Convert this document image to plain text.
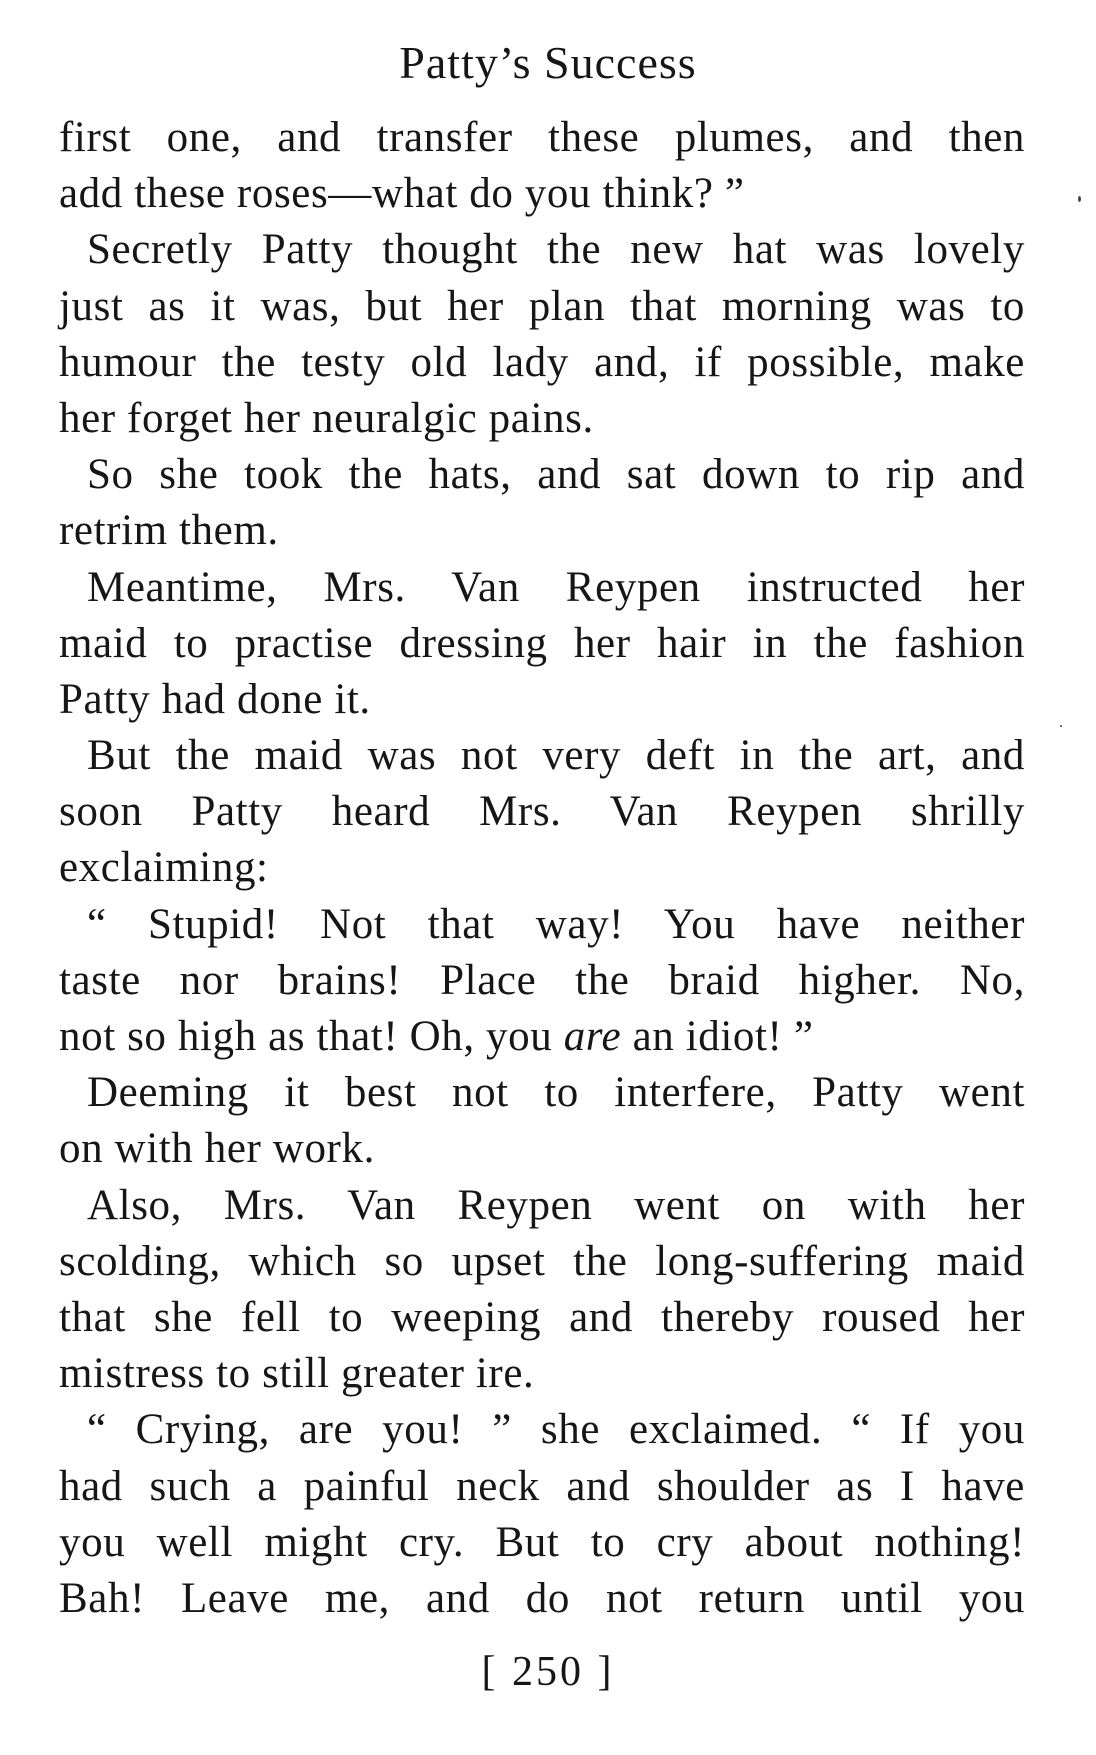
Patty’s Success
first one, and transfer these plumes, and then
add these roses—what do you think? ”
Secretly Patty thought the new hat was lovely
just as it was, but her plan that morning was to
humour the testy old lady and, if possible, make
her forget her neuralgic pains.
So she took the hats, and sat down to rip and
retrim them.
Meantime, Mrs. Van Reypen instructed her
maid to practise dressing her hair in the fashion
Patty had done it.
But the maid was not very deft in the art, and
soon Patty heard Mrs. Van Reypen shrilly
exclaiming:
“ Stupid! Not that way! You have neither
taste nor brains! Place the braid higher. No,
not so high as that! Oh, you are an idiot! ”
Deeming it best not to interfere, Patty went
on with her work.
Also, Mrs. Van Reypen went on with her
scolding, which so upset the long-suffering maid
that she fell to weeping and thereby roused her
mistress to still greater ire.
“ Crying, are you! ” she exclaimed. “ If you
had such a painful neck and shoulder as I have
you well might cry. But to cry about nothing!
Bah! Leave me, and do not return until you
[ 250 ]
